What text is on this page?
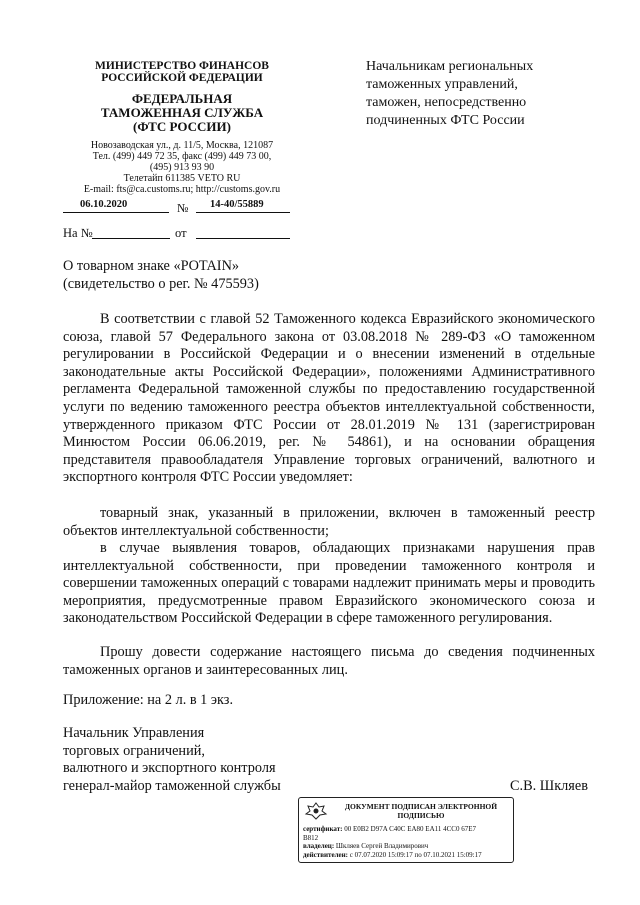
МИНИСТЕРСТВО ФИНАНСОВ
РОССИЙСКОЙ ФЕДЕРАЦИИ
ФЕДЕРАЛЬНАЯ
ТАМОЖЕННАЯ СЛУЖБА
(ФТС РОССИИ)
Новозаводская ул., д. 11/5, Москва, 121087
Тел. (499) 449 72 35, факс (499) 449 73 00,
(495) 913 93 90
Телетайп 611385 VETO RU
E-mail: fts@ca.customs.ru; http://customs.gov.ru
06.10.2020	№ 14-40/55889
На №	от
Начальникам региональных
таможенных управлений,
таможен, непосредственно
подчиненных ФТС России
О товарном знаке «POTAIN»
(свидетельство о рег. № 475593)
В соответствии с главой 52 Таможенного кодекса Евразийского экономического союза, главой 57 Федерального закона от 03.08.2018 № 289-ФЗ «О таможенном регулировании в Российской Федерации и о внесении изменений в отдельные законодательные акты Российской Федерации», положениями Административного регламента Федеральной таможенной службы по предоставлению государственной услуги по ведению таможенного реестра объектов интеллектуальной собственности, утвержденного приказом ФТС России от 28.01.2019 № 131 (зарегистрирован Минюстом России 06.06.2019, рег. № 54861), и на основании обращения представителя правообладателя Управление торговых ограничений, валютного и экспортного контроля ФТС России уведомляет:
товарный знак, указанный в приложении, включен в таможенный реестр объектов интеллектуальной собственности;
в случае выявления товаров, обладающих признаками нарушения прав интеллектуальной собственности, при проведении таможенного контроля и совершении таможенных операций с товарами надлежит принимать меры и проводить мероприятия, предусмотренные правом Евразийского экономического союза и законодательством Российской Федерации в сфере таможенного регулирования.
Прошу довести содержание настоящего письма до сведения подчиненных таможенных органов и заинтересованных лиц.
Приложение: на 2 л. в 1 экз.
Начальник Управления
торговых ограничений,
валютного и экспортного контроля
генерал-майор таможенной службы	С.В. Шкляев
ДОКУМЕНТ ПОДПИСАН ЭЛЕКТРОННОЙ
ПОДПИСЬЮ
сертификат: 00 E0B2 D97A C40C EA80 EA11 4CC0 67E7
B812
владелец: Шкляев Сергей Владимирович
действителен: с 07.07.2020 15:09:17 по 07.10.2021 15:09:17
